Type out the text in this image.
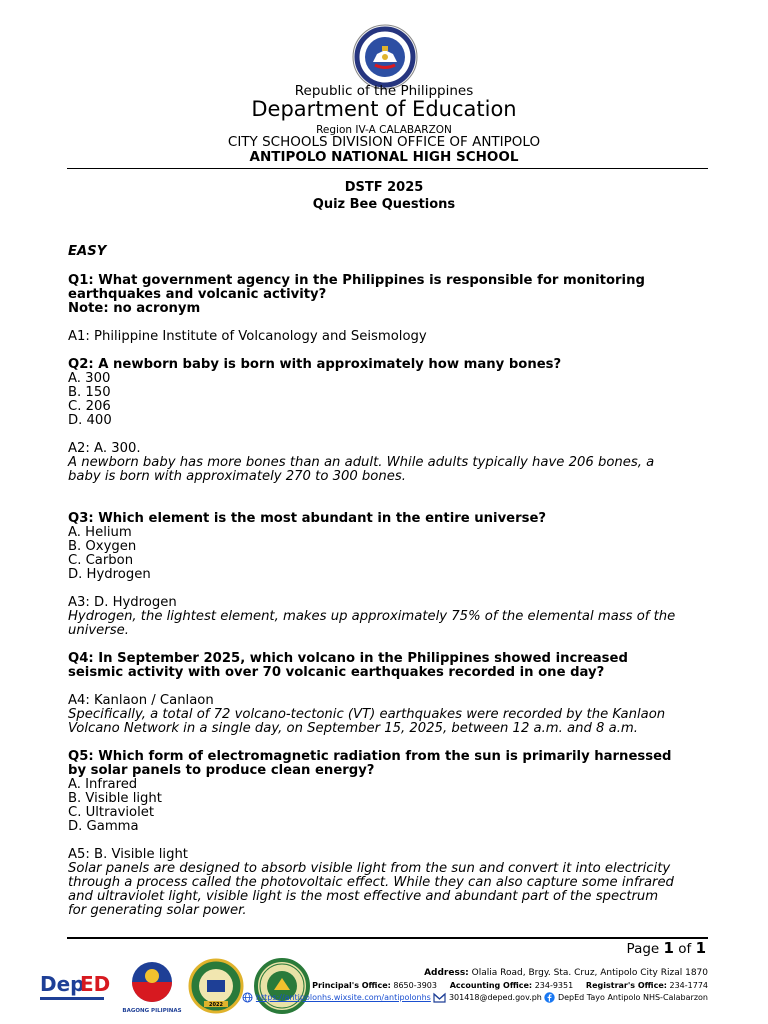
Republic of the Philippines
Department of Education
Region IV-A CALABARZON
CITY SCHOOLS DIVISION OFFICE OF ANTIPOLO
ANTIPOLO NATIONAL HIGH SCHOOL
DSTF 2025
Quiz Bee Questions
EASY
Q1: What government agency in the Philippines is responsible for monitoring
earthquakes and volcanic activity?
Note: no acronym
A1: Philippine Institute of Volcanology and Seismology
Q2: A newborn baby is born with approximately how many bones?
A. 300
B. 150
C. 206
D. 400
A2: A. 300.
A newborn baby has more bones than an adult. While adults typically have 206 bones, a
baby is born with approximately 270 to 300 bones.
Q3: Which element is the most abundant in the entire universe?
A. Helium
B. Oxygen
C. Carbon
D. Hydrogen
A3: D. Hydrogen
Hydrogen, the lightest element, makes up approximately 75% of the elemental mass of the
universe.
Q4: In September 2025, which volcano in the Philippines showed increased
seismic activity with over 70 volcanic earthquakes recorded in one day?
A4: Kanlaon / Canlaon
Specifically, a total of 72 volcano-tectonic (VT) earthquakes were recorded by the Kanlaon
Volcano Network in a single day, on September 15, 2025, between 12 a.m. and 8 a.m.
Q5: Which form of electromagnetic radiation from the sun is primarily harnessed
by solar panels to produce clean energy?
A. Infrared
B. Visible light
C. Ultraviolet
D. Gamma
A5: B. Visible light
Solar panels are designed to absorb visible light from the sun and convert it into electricity
through a process called the photovoltaic effect. While they can also capture some infrared
and ultraviolet light, visible light is the most effective and abundant part of the spectrum
for generating solar power.
Page 1 of 1
Dep
ED
BAGONG PILIPINAS
2022
Address: Olalia Road, Brgy. Sta. Cruz, Antipolo City Rizal 1870
Principal's Office: 8650-3903 Accounting Office: 234-9351 Registrar's Office: 234-1774
https://antipolonhs.wixsite.com/antipolonhs 301418@deped.gov.ph DepEd Tayo Antipolo NHS-Calabarzon
